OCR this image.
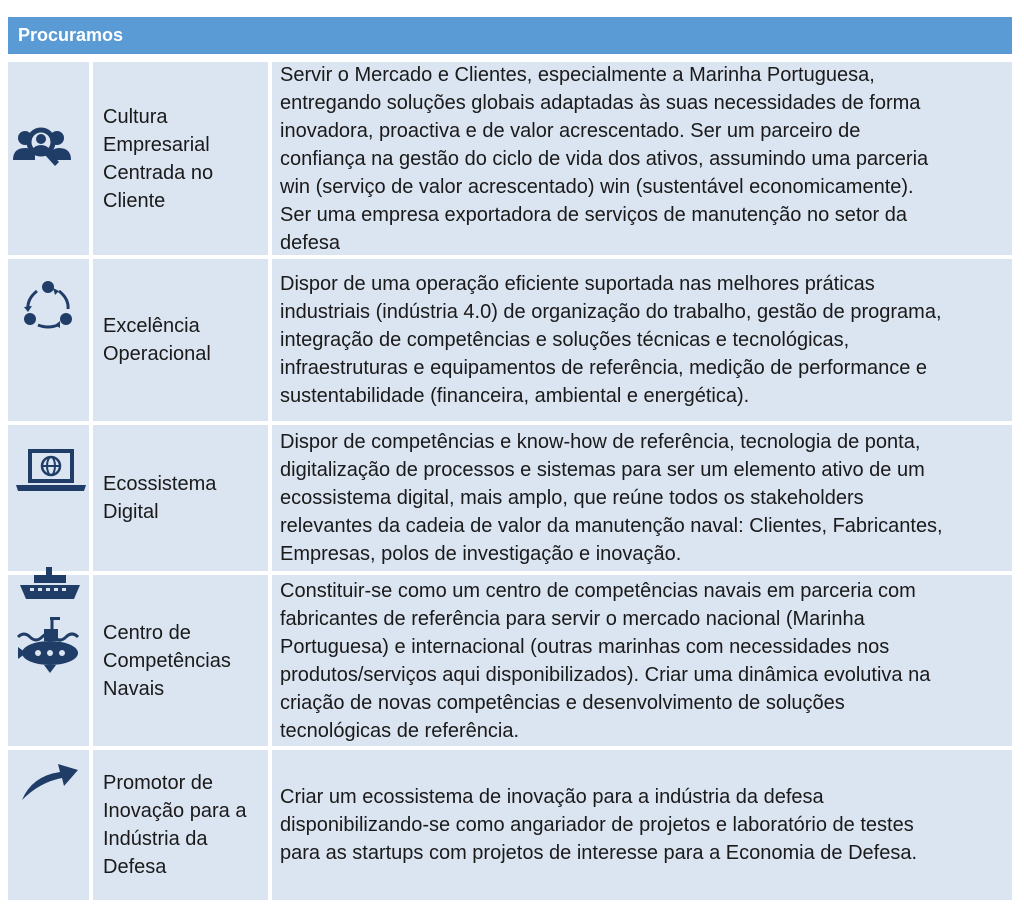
Procuramos
Cultura
Empresarial
Centrada no
Cliente
Servir o Mercado e Clientes, especialmente a Marinha Portuguesa,
entregando soluções globais adaptadas às suas necessidades de forma
inovadora, proactiva e de valor acrescentado. Ser um parceiro de
confiança na gestão do ciclo de vida dos ativos, assumindo uma parceria
win (serviço de valor acrescentado) win (sustentável economicamente).
Ser uma empresa exportadora de serviços de manutenção no setor da
defesa
Excelência
Operacional
Dispor de uma operação eficiente suportada nas melhores práticas
industriais (indústria 4.0) de organização do trabalho, gestão de programa,
integração de competências e soluções técnicas e tecnológicas,
infraestruturas e equipamentos de referência, medição de performance e
sustentabilidade (financeira, ambiental e energética).
Ecossistema
Digital
Dispor de competências e know-how de referência, tecnologia de ponta,
digitalização de processos e sistemas para ser um elemento ativo de um
ecossistema digital, mais amplo, que reúne todos os stakeholders
relevantes da cadeia de valor da manutenção naval: Clientes, Fabricantes,
Empresas, polos de investigação e inovação.
Centro de
Competências
Navais
Constituir-se como um centro de competências navais em parceria com
fabricantes de referência para servir o mercado nacional (Marinha
Portuguesa) e internacional (outras marinhas com necessidades nos
produtos/serviços aqui disponibilizados). Criar uma dinâmica evolutiva na
criação de novas competências e desenvolvimento de soluções
tecnológicas de referência.
Promotor de
Inovação para a
Indústria da
Defesa
Criar um ecossistema de inovação para a indústria da defesa
disponibilizando-se como angariador de projetos e laboratório de testes
para as startups com projetos de interesse para a Economia de Defesa.
